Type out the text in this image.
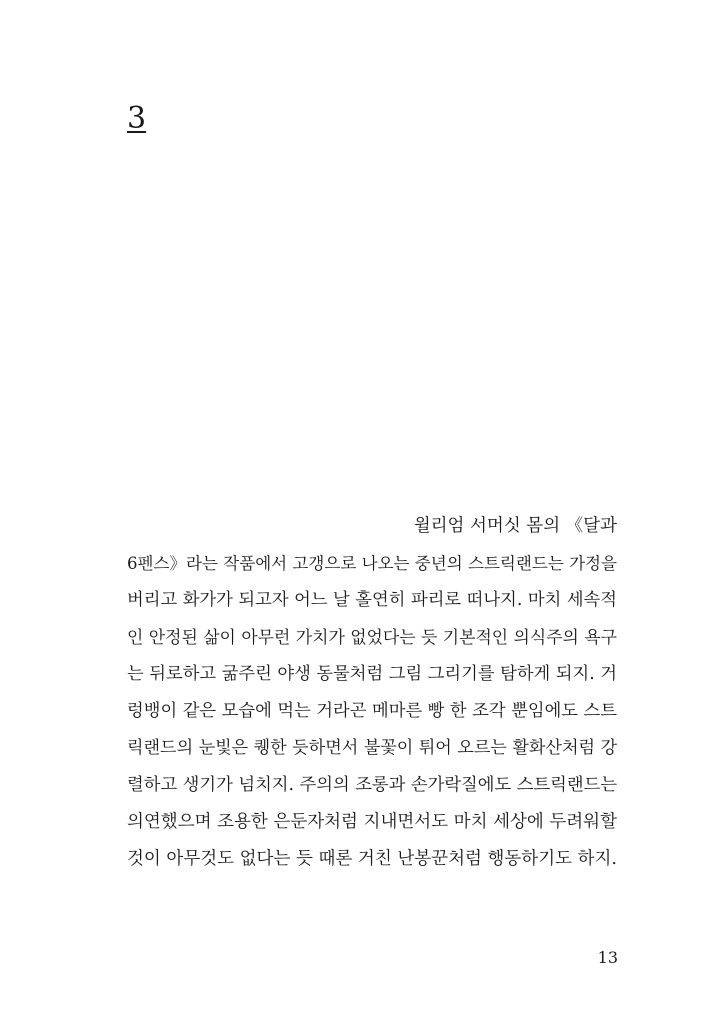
3
윌리엄 서머싯 몸의 《달과
6펜스》라는 작품에서 고갱으로 나오는 중년의 스트릭랜드는 가정을
버리고 화가가 되고자 어느 날 홀연히 파리로 떠나지. 마치 세속적
인 안정된 삶이 아무런 가치가 없었다는 듯 기본적인 의식주의 욕구
는 뒤로하고 굶주린 야생 동물처럼 그림 그리기를 탐하게 되지. 거
렁뱅이 같은 모습에 먹는 거라곤 메마른 빵 한 조각 뿐임에도 스트
릭랜드의 눈빛은 퀭한 듯하면서 불꽃이 튀어 오르는 활화산처럼 강
렬하고 생기가 넘치지. 주의의 조롱과 손가락질에도 스트릭랜드는
의연했으며 조용한 은둔자처럼 지내면서도 마치 세상에 두려워할
것이 아무것도 없다는 듯 때론 거친 난봉꾼처럼 행동하기도 하지.
13
